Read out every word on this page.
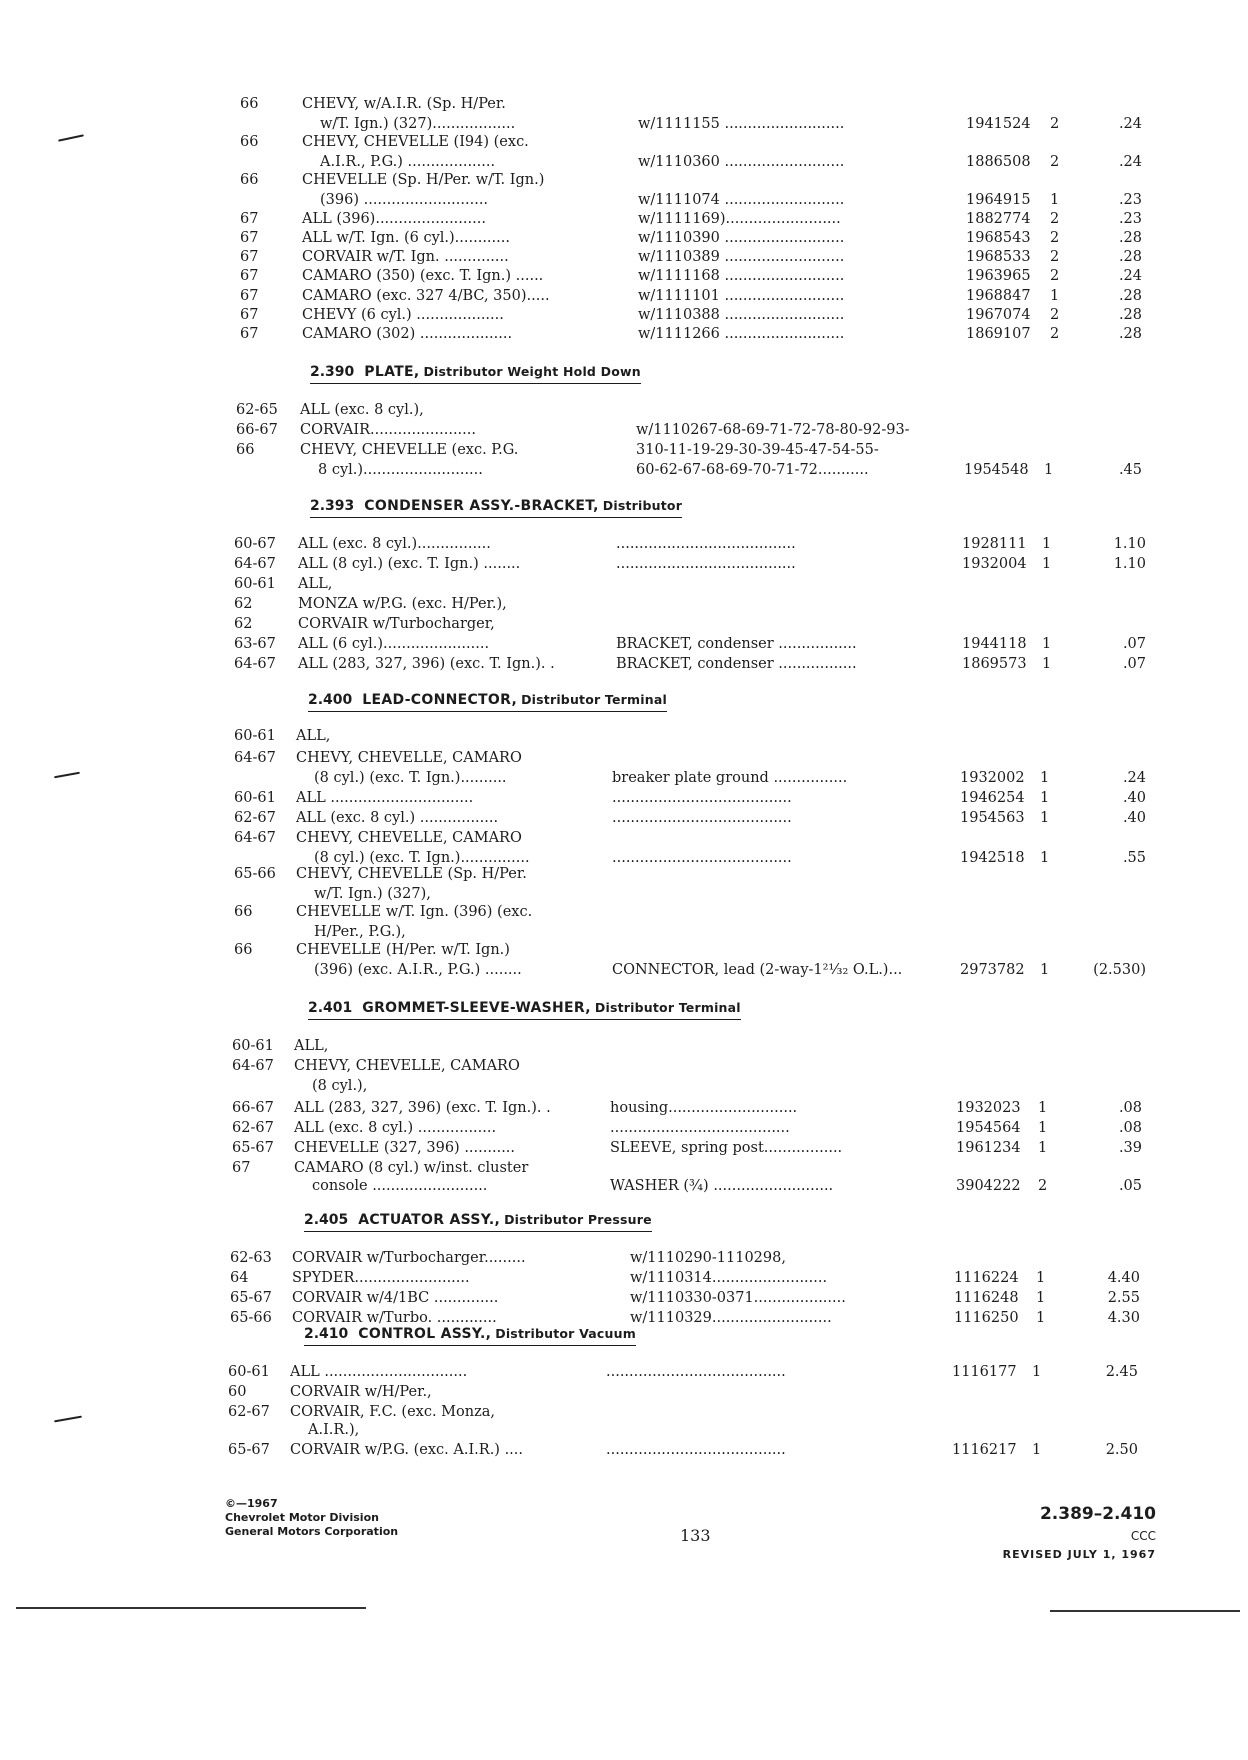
66	CHEVY, w/A.I.R. (Sp. H/Per.
w/T. Ign.) (327)..................	w/1111155 ..........................	1941524 2	.24
66	CHEVY, CHEVELLE (I94) (exc.
A.I.R., P.G.) ...................	w/1110360 ..........................	1886508 2	.24
66	CHEVELLE (Sp. H/Per. w/T. Ign.)
(396) ...........................	w/1111074 ..........................	1964915 1	.23
67	ALL (396)........................	w/1111169).........................	1882774 2	.23
67	ALL w/T. Ign. (6 cyl.)............	w/1110390 ..........................	1968543 2	.28
67	CORVAIR w/T. Ign. ..............	w/1110389 ..........................	1968533 2	.28
67	CAMARO (350) (exc. T. Ign.) ......	w/1111168 ..........................	1963965 2	.24
67	CAMARO (exc. 327 4/BC, 350).....	w/1111101 ..........................	1968847 1	.28
67	CHEVY (6 cyl.) ...................	w/1110388 ..........................	1967074 2	.28
67	CAMARO (302) ....................	w/1111266 ..........................	1869107 2	.28
2.390 PLATE, Distributor Weight Hold Down
62-65 ALL (exc. 8 cyl.),
66-67 CORVAIR.......................	w/1110267-68-69-71-72-78-80-92-93-
66	CHEVY, CHEVELLE (exc. P.G.	310-11-19-29-30-39-45-47-54-55-
8 cyl.)..........................	60-62-67-68-69-70-71-72...........	1954548 1	.45
2.393 CONDENSER ASSY.-BRACKET, Distributor
60-67 ALL (exc. 8 cyl.)................	.......................................	1928111 1	1.10
64-67 ALL (8 cyl.) (exc. T. Ign.) ........	.......................................	1932004 1	1.10
60-61 ALL,
62	MONZA w/P.G. (exc. H/Per.),
62	CORVAIR w/Turbocharger,
63-67 ALL (6 cyl.).......................	BRACKET, condenser .................	1944118 1	.07
64-67 ALL (283, 327, 396) (exc. T. Ign.). .	BRACKET, condenser .................	1869573 1	.07
2.400 LEAD-CONNECTOR, Distributor Terminal
60-61 ALL,
64-67 CHEVY, CHEVELLE, CAMARO
(8 cyl.) (exc. T. Ign.)..........	breaker plate ground ................	1932002 1	.24
60-61 ALL ...............................	.......................................	1946254 1	.40
62-67 ALL (exc. 8 cyl.) .................	.......................................	1954563 1	.40
64-67 CHEVY, CHEVELLE, CAMARO
(8 cyl.) (exc. T. Ign.)...............	.......................................	1942518 1	.55
65-66 CHEVY, CHEVELLE (Sp. H/Per.
w/T. Ign.) (327),
66	CHEVELLE w/T. Ign. (396) (exc.
H/Per., P.G.),
66	CHEVELLE (H/Per. w/T. Ign.)
(396) (exc. A.I.R., P.G.) ........	CONNECTOR, lead (2-way-1²¹⁄₃₂ O.L.)...	2973782 1	(2.530)
2.401 GROMMET-SLEEVE-WASHER, Distributor Terminal
60-61 ALL,
64-67 CHEVY, CHEVELLE, CAMARO
(8 cyl.),
66-67 ALL (283, 327, 396) (exc. T. Ign.). .	housing............................	1932023 1	.08
62-67 ALL (exc. 8 cyl.) .................	.......................................	1954564 1	.08
65-67 CHEVELLE (327, 396) ...........	SLEEVE, spring post.................	1961234 1	.39
67	CAMARO (8 cyl.) w/inst. cluster
console .........................	WASHER (¾) ..........................	3904222 2	.05
2.405 ACTUATOR ASSY., Distributor Pressure
62-63 CORVAIR w/Turbocharger.........	w/1110290-1110298,
64	SPYDER.........................	w/1110314.........................	1116224 1	4.40
65-67 CORVAIR w/4/1BC ..............	w/1110330-0371....................	1116248 1	2.55
65-66 CORVAIR w/Turbo. .............	w/1110329..........................	1116250 1	4.30
2.410 CONTROL ASSY., Distributor Vacuum
60-61 ALL ...............................	.......................................	1116177 1	2.45
60	CORVAIR w/H/Per.,
62-67 CORVAIR, F.C. (exc. Monza,
A.I.R.),
65-67 CORVAIR w/P.G. (exc. A.I.R.) ....	.......................................	1116217 1	2.50
©—1967
Chevrolet Motor Division
General Motors Corporation	133
2.389–2.410
CCC
REVISED JULY 1, 1967
